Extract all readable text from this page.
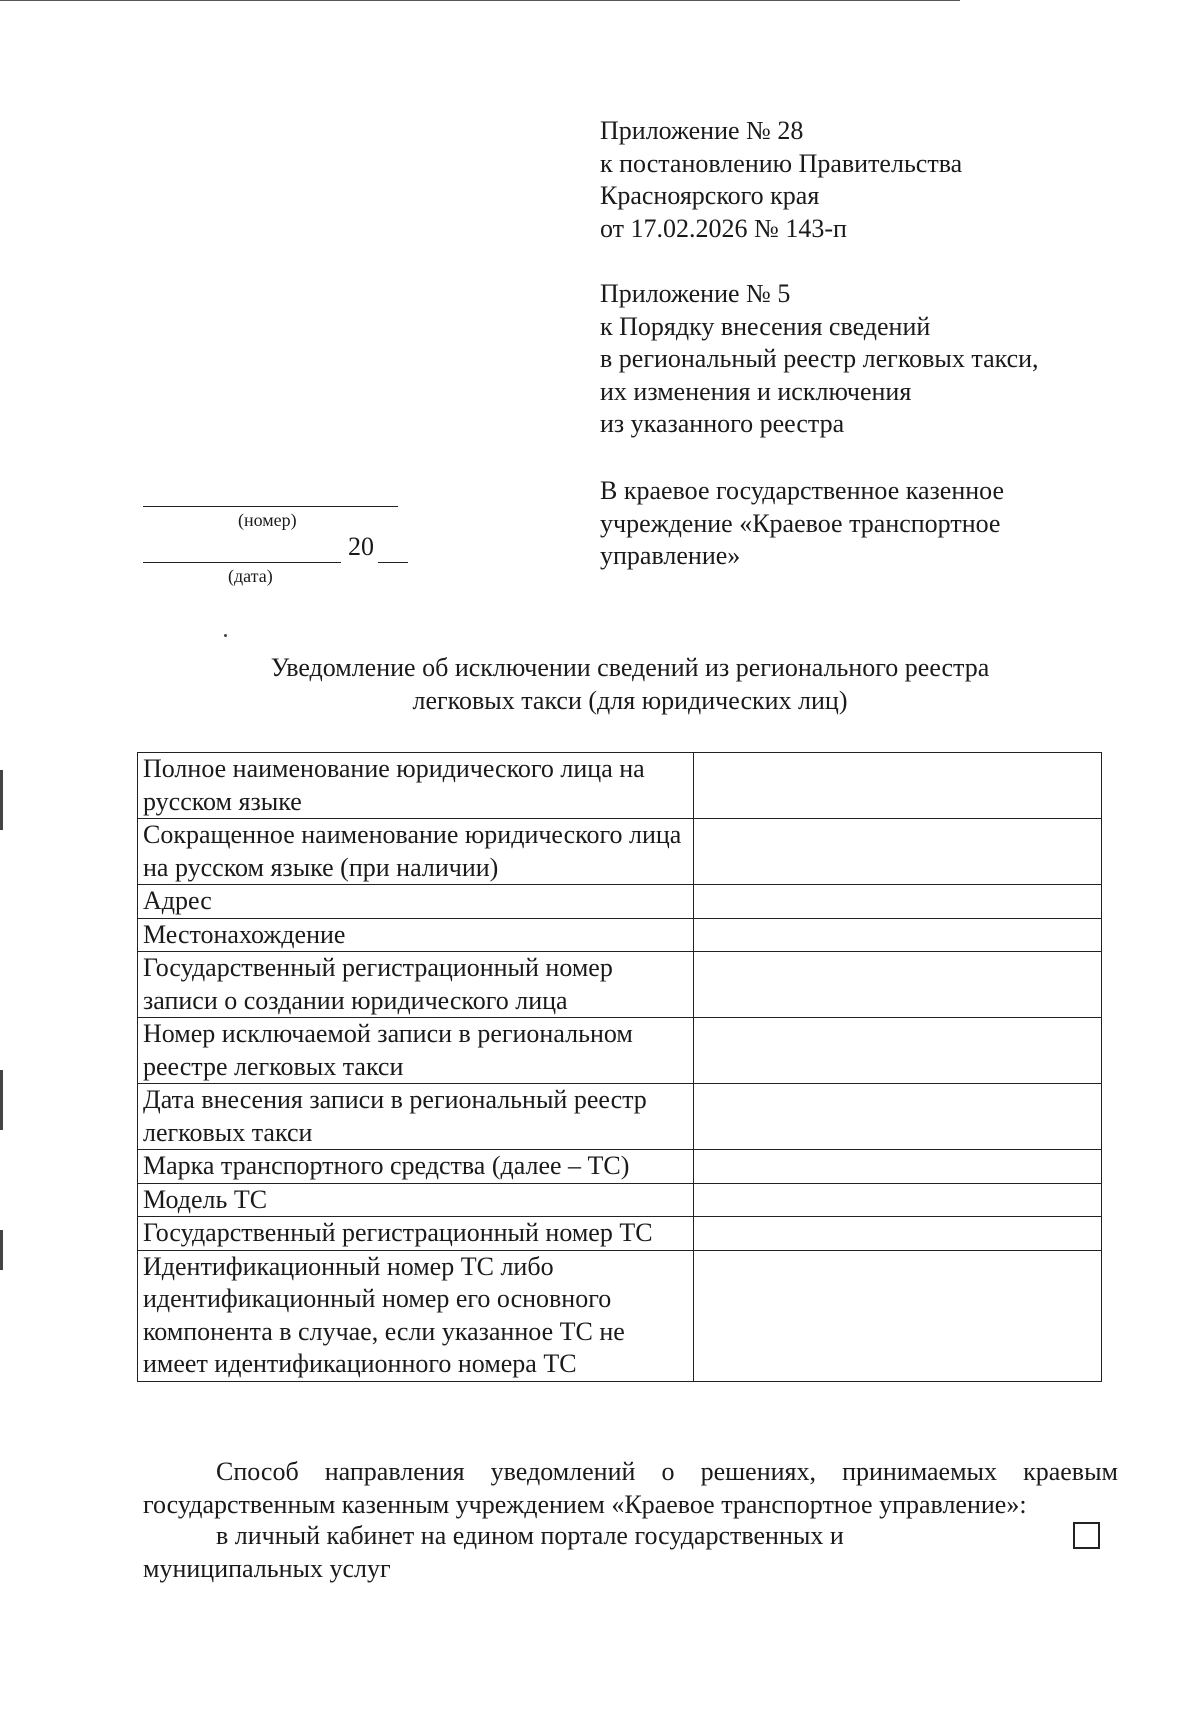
Приложение № 28
к постановлению Правительства
Красноярского края
от 17.02.2026 № 143-п
Приложение № 5
к Порядку внесения сведений
в региональный реестр легковых такси,
их изменения и исключения
из указанного реестра
В краевое государственное казенное
учреждение «Краевое транспортное
управление»
(номер)
20
(дата)
Уведомление об исключении сведений из регионального реестра
легковых такси (для юридических лиц)
Полное наименование юридического лица на русском языке	
Сокращенное наименование юридического лица на русском языке (при наличии)	
Адрес	
Местонахождение	
Государственный регистрационный номер записи о создании юридического лица	
Номер исключаемой записи в региональном реестре легковых такси	
Дата внесения записи в региональный реестр легковых такси	
Марка транспортного средства (далее – ТС)	
Модель ТС	
Государственный регистрационный номер ТС	
Идентификационный номер ТС либо идентификационный номер его основного компонента в случае, если указанное ТС не имеет идентификационного номера ТС	
Способ направления уведомлений о решениях, принимаемых краевым государственным казенным учреждением «Краевое транспортное управление»:
в личный кабинет на едином портале государственных и
муниципальных услуг
